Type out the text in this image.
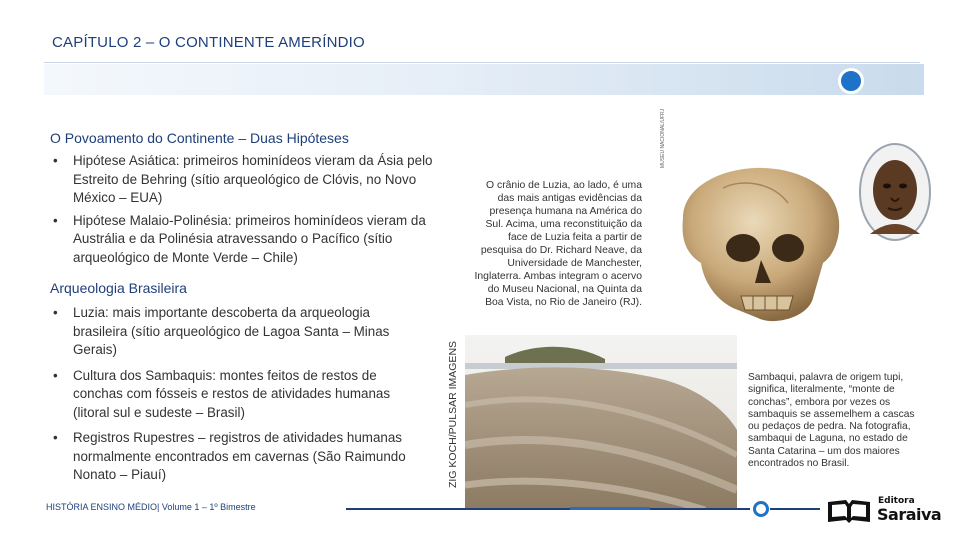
CAPÍTULO 2 – O CONTINENTE AMERÍNDIO
O Povoamento do Continente – Duas Hipóteses
• Hipótese Asiática: primeiros hominídeos vieram da Ásia pelo Estreito de Behring (sítio arqueológico de Clóvis, no Novo México – EUA)
• Hipótese Malaio-Polinésia: primeiros hominídeos vieram da Austrália e da Polinésia atravessando o Pacífico (sítio arqueológico de Monte Verde – Chile)
Arqueologia Brasileira
• Luzia: mais importante descoberta da arqueologia brasileira (sítio arqueológico de Lagoa Santa – Minas Gerais)
• Cultura dos Sambaquis: montes feitos de restos de conchas com fósseis e restos de atividades humanas (litoral sul e sudeste – Brasil)
• Registros Rupestres – registros de atividades humanas normalmente encontrados em cavernas (São Raimundo Nonato – Piauí)
O crânio de Luzia, ao lado, é uma das mais antigas evidências da presença humana na América do Sul. Acima, uma reconstituição da face de Luzia feita a partir de pesquisa do Dr. Richard Neave, da Universidade de Manchester, Inglaterra. Ambas integram o acervo do Museu Nacional, na Quinta da Boa Vista, no Rio de Janeiro (RJ).
MUSEU NACIONAL/UFRJ
ZIG KOCH/PULSAR IMAGENS	Sambaqui, palavra de origem tupi, significa, literalmente, “monte de conchas”, embora por vezes os sambaquis se assemelhem a cascas ou pedaços de pedra. Na fotografia, sambaqui de Laguna, no estado de Santa Catarina – um dos maiores encontrados no Brasil.
HISTÓRIA ENSINO MÉDIO| Volume 1 – 1º Bimestre
Editora
Saraiva
